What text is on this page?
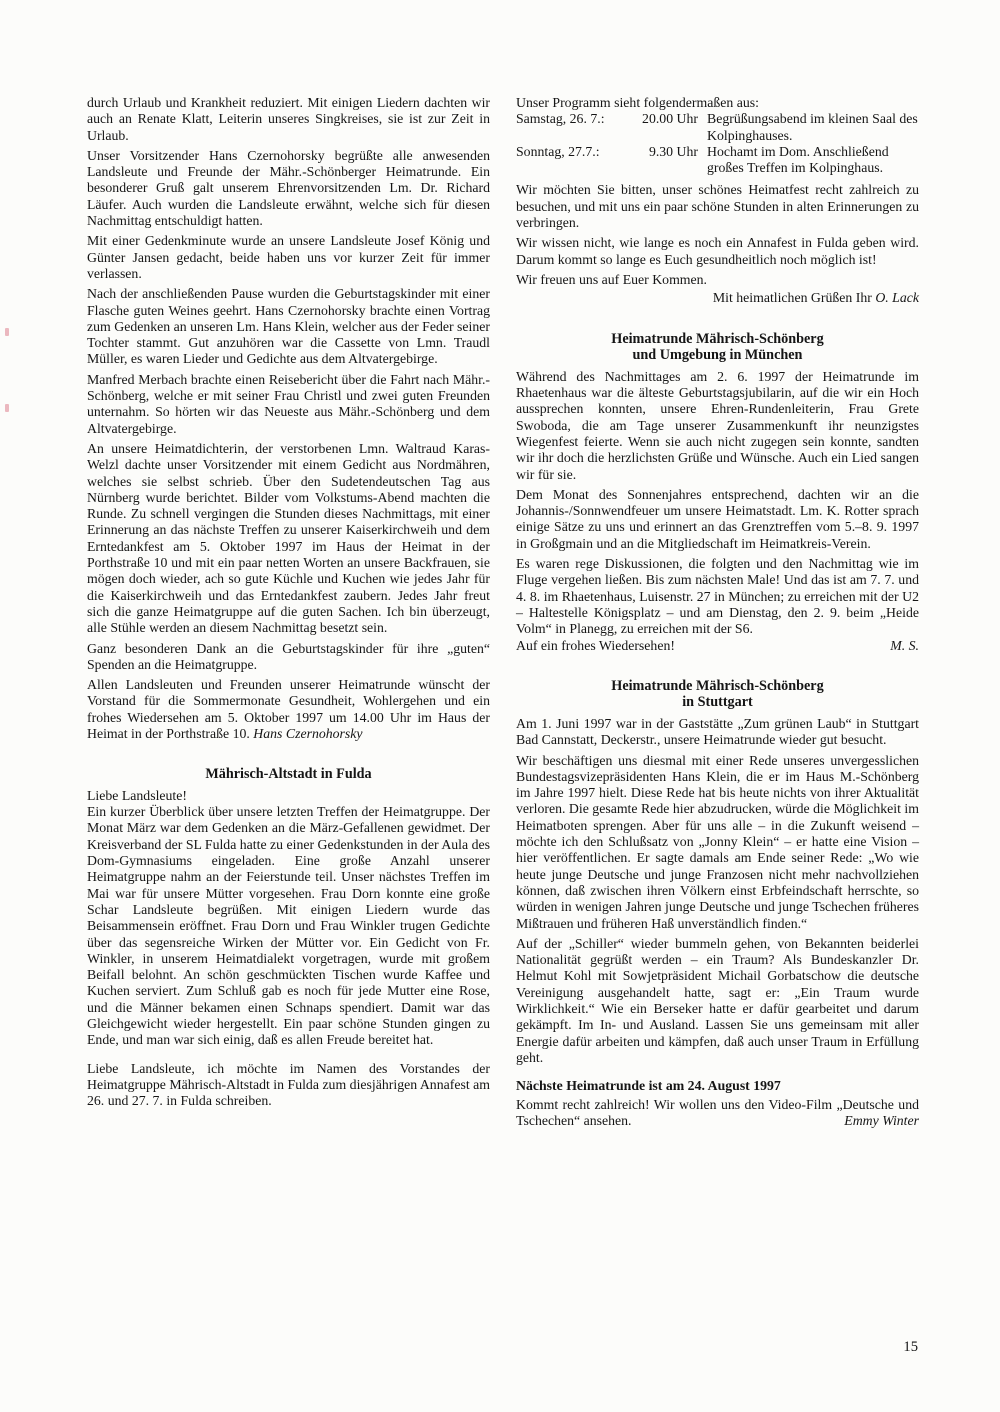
durch Urlaub und Krankheit reduziert. Mit einigen Liedern dachten wir auch an Renate Klatt, Leiterin unseres Singkreises, sie ist zur Zeit in Urlaub.

Unser Vorsitzender Hans Czernohorsky begrüßte alle anwesenden Landsleute und Freunde der Mähr.-Schönberger Heimatrunde. Ein besonderer Gruß galt unserem Ehrenvorsitzenden Lm. Dr. Richard Läufer. Auch wurden die Landsleute erwähnt, welche sich für diesen Nachmittag entschuldigt hatten.

Mit einer Gedenkminute wurde an unsere Landsleute Josef König und Günter Jansen gedacht, beide haben uns vor kurzer Zeit für immer verlassen.

Nach der anschließenden Pause wurden die Geburtstagskinder mit einer Flasche guten Weines geehrt. Hans Czernohorsky brachte einen Vortrag zum Gedenken an unseren Lm. Hans Klein, welcher aus der Feder seiner Tochter stammt. Gut anzuhören war die Cassette von Lmn. Traudl Müller, es waren Lieder und Gedichte aus dem Altvatergebirge.

Manfred Merbach brachte einen Reisebericht über die Fahrt nach Mähr.-Schönberg, welche er mit seiner Frau Christl und zwei guten Freunden unternahm. So hörten wir das Neueste aus Mähr.-Schönberg und dem Altvatergebirge.

An unsere Heimatdichterin, der verstorbenen Lmn. Waltraud Karas-Welzl dachte unser Vorsitzender mit einem Gedicht aus Nordmähren, welches sie selbst schrieb. Über den Sudetendeutschen Tag aus Nürnberg wurde berichtet. Bilder vom Volkstums-Abend machten die Runde. Zu schnell vergingen die Stunden dieses Nachmittags, mit einer Erinnerung an das nächste Treffen zu unserer Kaiserkirchweih und dem Erntedankfest am 5. Oktober 1997 im Haus der Heimat in der Porthstraße 10 und mit ein paar netten Worten an unsere Backfrauen, sie mögen doch wieder, ach so gute Küchle und Kuchen wie jedes Jahr für die Kaiserkirchweih und das Erntedankfest zaubern. Jedes Jahr freut sich die ganze Heimatgruppe auf die guten Sachen. Ich bin überzeugt, alle Stühle werden an diesem Nachmittag besetzt sein.

Ganz besonderen Dank an die Geburtstagskinder für ihre „guten“ Spenden an die Heimatgruppe.

Allen Landsleuten und Freunden unserer Heimatrunde wünscht der Vorstand für die Sommermonate Gesundheit, Wohlergehen und ein frohes Wiedersehen am 5. Oktober 1997 um 14.00 Uhr im Haus der Heimat in der Porthstraße 10. Hans Czernohorsky

Mährisch-Altstadt in Fulda

Liebe Landsleute!

Ein kurzer Überblick über unsere letzten Treffen der Heimatgruppe. Der Monat März war dem Gedenken an die März-Gefallenen gewidmet. Der Kreisverband der SL Fulda hatte zu einer Gedenkstunden in der Aula des Dom-Gymnasiums eingeladen. Eine große Anzahl unserer Heimatgruppe nahm an der Feierstunde teil. Unser nächstes Treffen im Mai war für unsere Mütter vorgesehen. Frau Dorn konnte eine große Schar Landsleute begrüßen. Mit einigen Liedern wurde das Beisammensein eröffnet. Frau Dorn und Frau Winkler trugen Gedichte über das segensreiche Wirken der Mütter vor. Ein Gedicht von Fr. Winkler, in unserem Heimatdialekt vorgetragen, wurde mit großem Beifall belohnt. An schön geschmückten Tischen wurde Kaffee und Kuchen serviert. Zum Schluß gab es noch für jede Mutter eine Rose, und die Männer bekamen einen Schnaps spendiert. Damit war das Gleichgewicht wieder hergestellt. Ein paar schöne Stunden gingen zu Ende, und man war sich einig, daß es allen Freude bereitet hat.

Liebe Landsleute, ich möchte im Namen des Vorstandes der Heimatgruppe Mährisch-Altstadt in Fulda zum diesjährigen Annafest am 26. und 27. 7. in Fulda schreiben.

Unser Programm sieht folgendermaßen aus:

Samstag, 26. 7.:	20.00 Uhr Begrüßungsabend im kleinen Saal des Kolpinghauses.
Sonntag, 27.7.:	9.30 Uhr Hochamt im Dom. Anschließend großes Treffen im Kolpinghaus.

Wir möchten Sie bitten, unser schönes Heimatfest recht zahlreich zu besuchen, und mit uns ein paar schöne Stunden in alten Erinnerungen zu verbringen.

Wir wissen nicht, wie lange es noch ein Annafest in Fulda geben wird. Darum kommt so lange es Euch gesundheitlich noch möglich ist!

Wir freuen uns auf Euer Kommen.

Mit heimatlichen Grüßen Ihr O. Lack
Heimatrunde Mährisch-Schönberg
und Umgebung in München

Während des Nachmittages am 2. 6. 1997 der Heimatrunde im Rhaetenhaus war die älteste Geburtstagsjubilarin, auf die wir ein Hoch aussprechen konnten, unsere Ehren-Rundenleiterin, Frau Grete Swoboda, die am Tage unserer Zusammenkunft ihr neunzigstes Wiegenfest feierte. Wenn sie auch nicht zugegen sein konnte, sandten wir ihr doch die herzlichsten Grüße und Wünsche. Auch ein Lied sangen wir für sie.

Dem Monat des Sonnenjahres entsprechend, dachten wir an die Johannis-/Sonnwendfeuer um unsere Heimatstadt. Lm. K. Rotter sprach einige Sätze zu uns und erinnert an das Grenztreffen vom 5.–8. 9. 1997 in Großgmain und an die Mitgliedschaft im Heimatkreis-Verein.

Es waren rege Diskussionen, die folgten und den Nachmittag wie im Fluge vergehen ließen. Bis zum nächsten Male! Und das ist am 7. 7. und 4. 8. im Rhaetenhaus, Luisenstr. 27 in München; zu erreichen mit der U2 – Haltestelle Königsplatz – und am Dienstag, den 2. 9. beim „Heide Volm“ in Planegg, zu erreichen mit der S6.

Auf ein frohes Wiedersehen!	M. S.
Heimatrunde Mährisch-Schönberg
in Stuttgart

Am 1. Juni 1997 war in der Gaststätte „Zum grünen Laub“ in Stuttgart Bad Cannstatt, Deckerstr., unsere Heimatrunde wieder gut besucht.

Wir beschäftigen uns diesmal mit einer Rede unseres unvergesslichen Bundestagsvizepräsidenten Hans Klein, die er im Haus M.-Schönberg im Jahre 1997 hielt. Diese Rede hat bis heute nichts von ihrer Aktualität verloren. Die gesamte Rede hier abzudrucken, würde die Möglichkeit im Heimatboten sprengen. Aber für uns alle – in die Zukunft weisend – möchte ich den Schlußsatz von „Jonny Klein“ – er hatte eine Vision – hier veröffentlichen. Er sagte damals am Ende seiner Rede: „Wo wie heute junge Deutsche und junge Franzosen nicht mehr nachvollziehen können, daß zwischen ihren Völkern einst Erbfeindschaft herrschte, so würden in wenigen Jahren junge Deutsche und junge Tschechen früheres Mißtrauen und früheren Haß unverständlich finden.“

Auf der „Schiller“ wieder bummeln gehen, von Bekannten beiderlei Nationalität gegrüßt werden – ein Traum? Als Bundeskanzler Dr. Helmut Kohl mit Sowjetpräsident Michail Gorbatschow die deutsche Vereinigung ausgehandelt hatte, sagt er: „Ein Traum wurde Wirklichkeit.“ Wie ein Berseker hatte er dafür gearbeitet und darum gekämpft. Im In- und Ausland. Lassen Sie uns gemeinsam mit aller Energie dafür arbeiten und kämpfen, daß auch unser Traum in Erfüllung geht.

Nächste Heimatrunde ist am 24. August 1997

Kommt recht zahlreich! Wir wollen uns den Video-Film „Deutsche und Tschechen“ ansehen.	Emmy Winter

15
